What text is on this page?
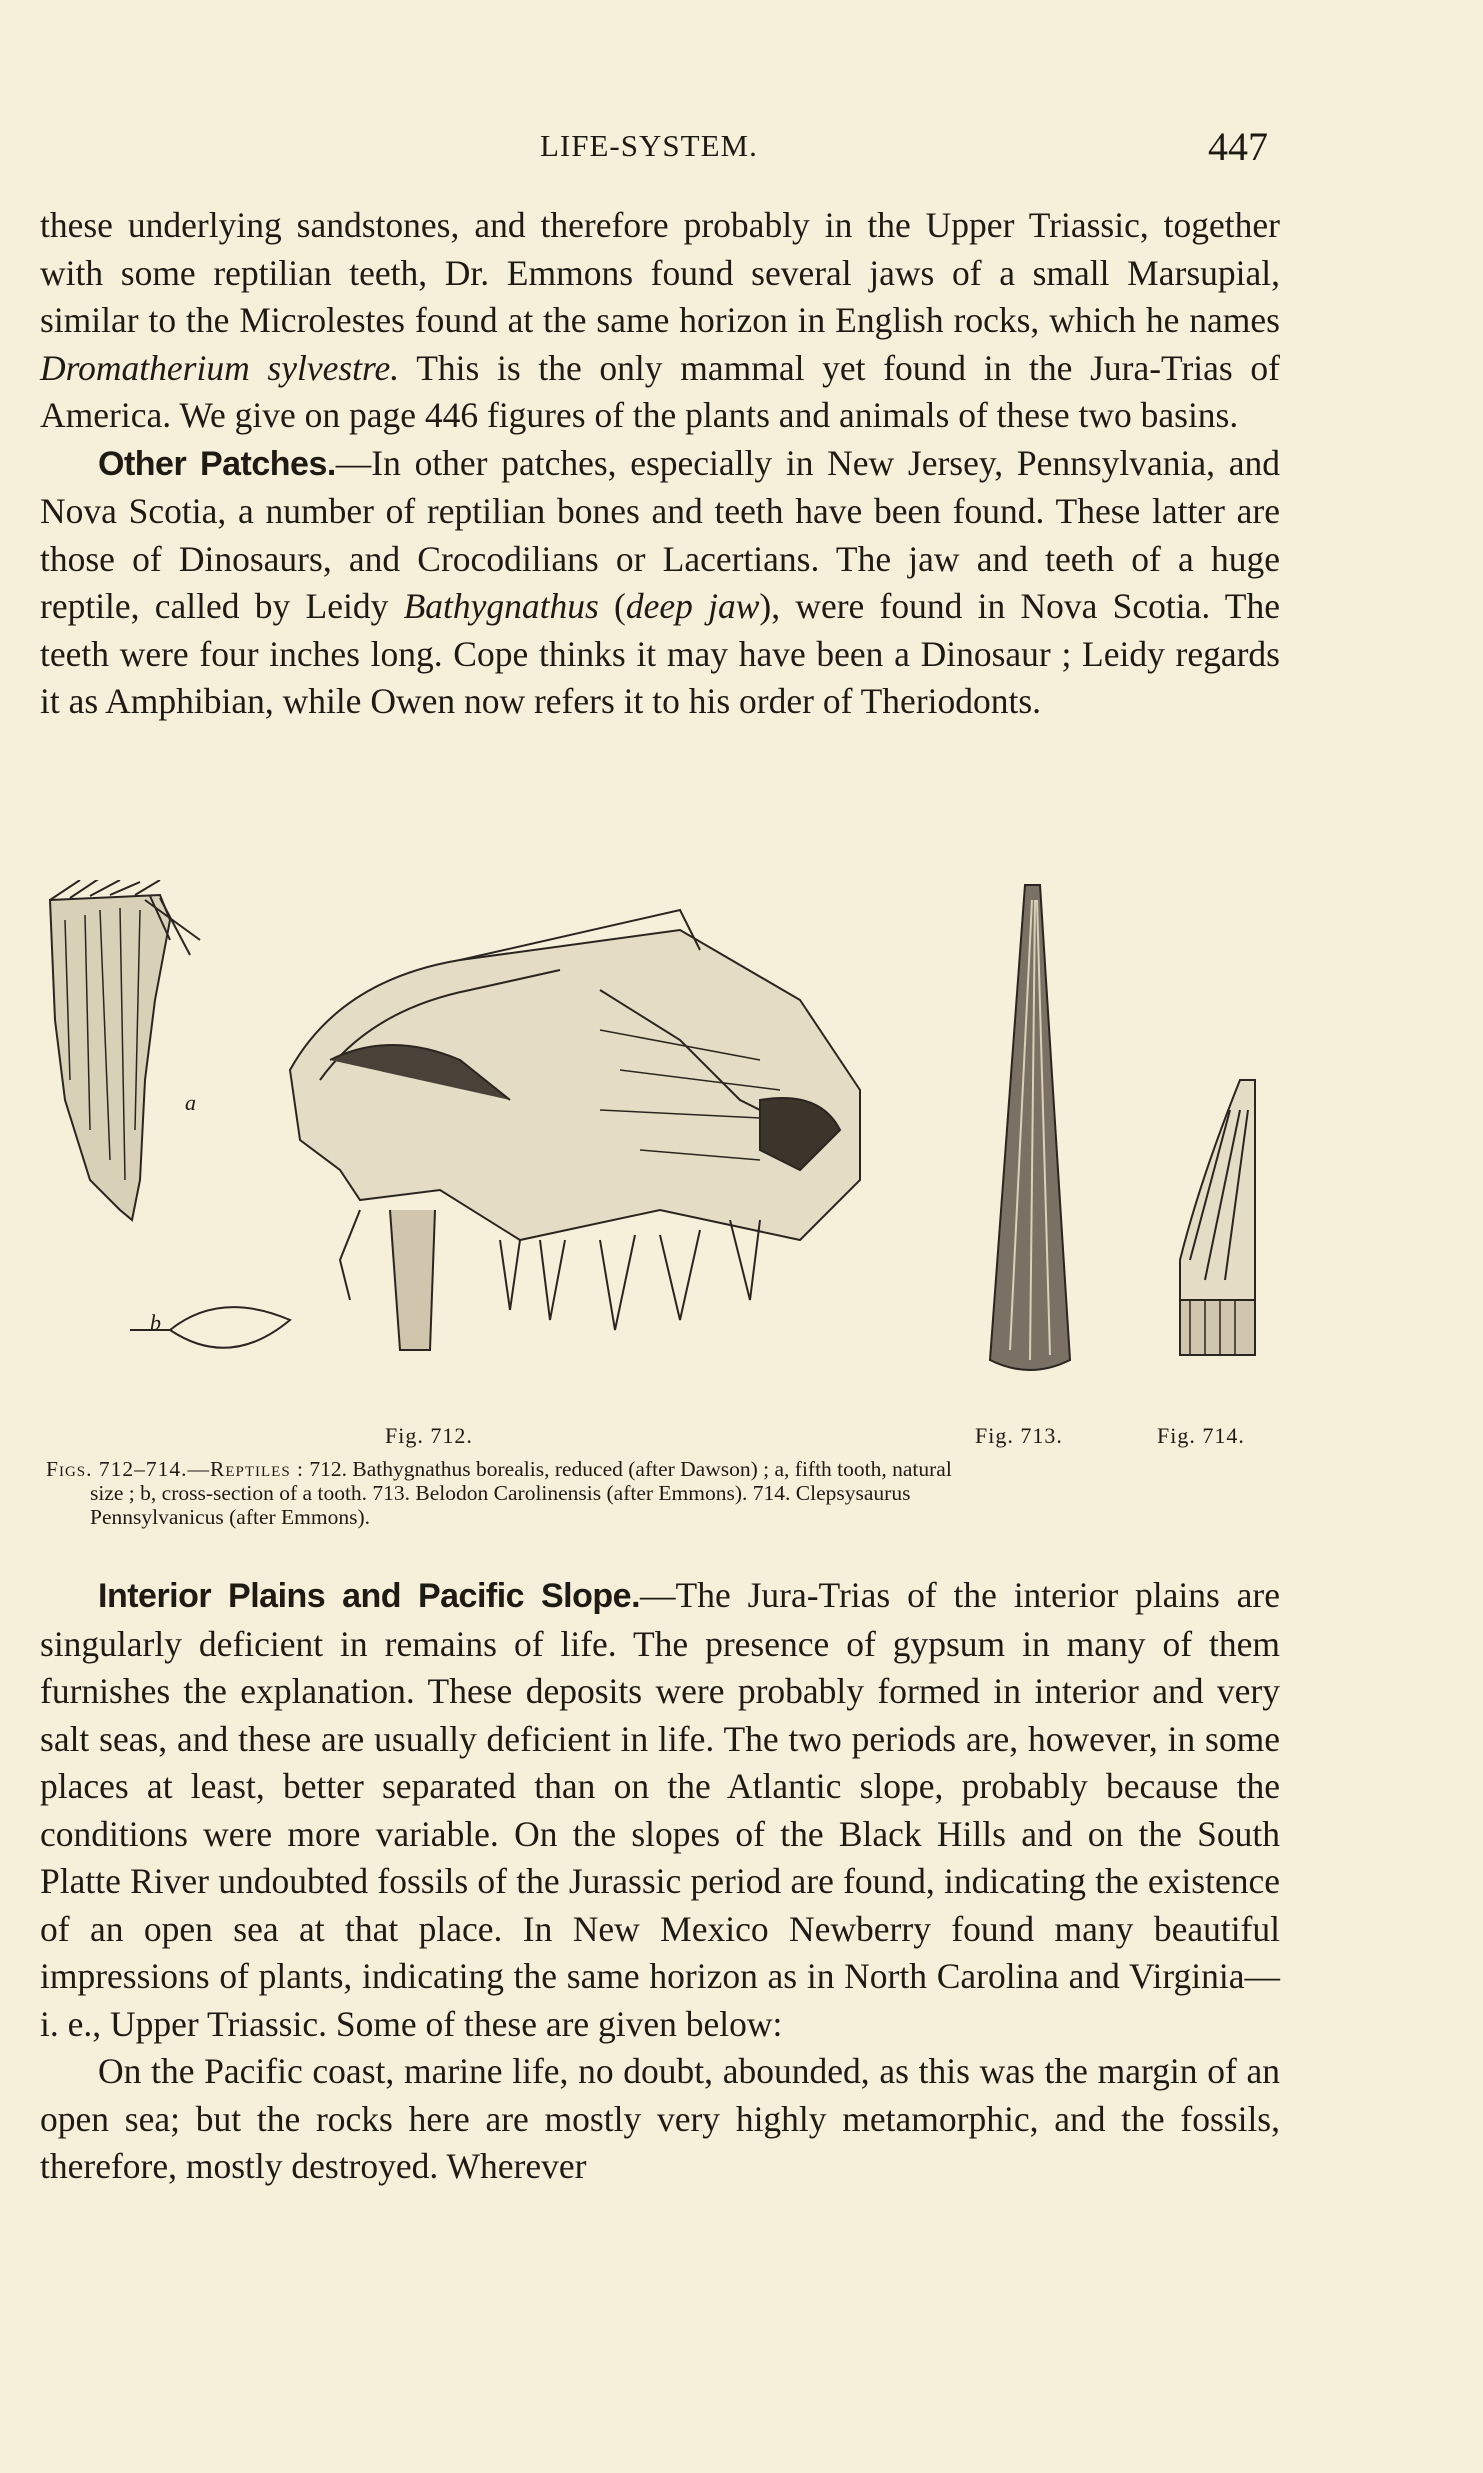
LIFE-SYSTEM.	447

these underlying sandstones, and therefore probably in the Upper Triassic, together with some reptilian teeth, Dr. Emmons found several jaws of a small Marsupial, similar to the Microlestes found at the same horizon in English rocks, which he names Dromatherium sylvestre. This is the only mammal yet found in the Jura-Trias of America. We give on page 446 figures of the plants and animals of these two basins.

Other Patches.—In other patches, especially in New Jersey, Pennsylvania, and Nova Scotia, a number of reptilian bones and teeth have been found. These latter are those of Dinosaurs, and Crocodilians or Lacertians. The jaw and teeth of a huge reptile, called by Leidy Bathygnathus (deep jaw), were found in Nova Scotia. The teeth were four inches long. Cope thinks it may have been a Dinosaur ; Leidy regards it as Amphibian, while Owen now refers it to his order of Theriodonts.

a
b
Fig. 712.	Fig. 713.	Fig. 714.
Figs. 712–714.—Reptiles : 712. Bathygnathus borealis, reduced (after Dawson) ; a, fifth tooth, natural
size ; b, cross-section of a tooth. 713. Belodon Carolinensis (after Emmons). 714. Clepsysaurus
Pennsylvanicus (after Emmons).

Interior Plains and Pacific Slope.—The Jura-Trias of the interior plains are singularly deficient in remains of life. The presence of gypsum in many of them furnishes the explanation. These deposits were probably formed in interior and very salt seas, and these are usually deficient in life. The two periods are, however, in some places at least, better separated than on the Atlantic slope, probably because the conditions were more variable. On the slopes of the Black Hills and on the South Platte River undoubted fossils of the Jurassic period are found, indicating the existence of an open sea at that place. In New Mexico Newberry found many beautiful impressions of plants, indicating the same horizon as in North Carolina and Virginia—i. e., Upper Triassic. Some of these are given below:

On the Pacific coast, marine life, no doubt, abounded, as this was the margin of an open sea; but the rocks here are mostly very highly metamorphic, and the fossils, therefore, mostly destroyed. Wherever
